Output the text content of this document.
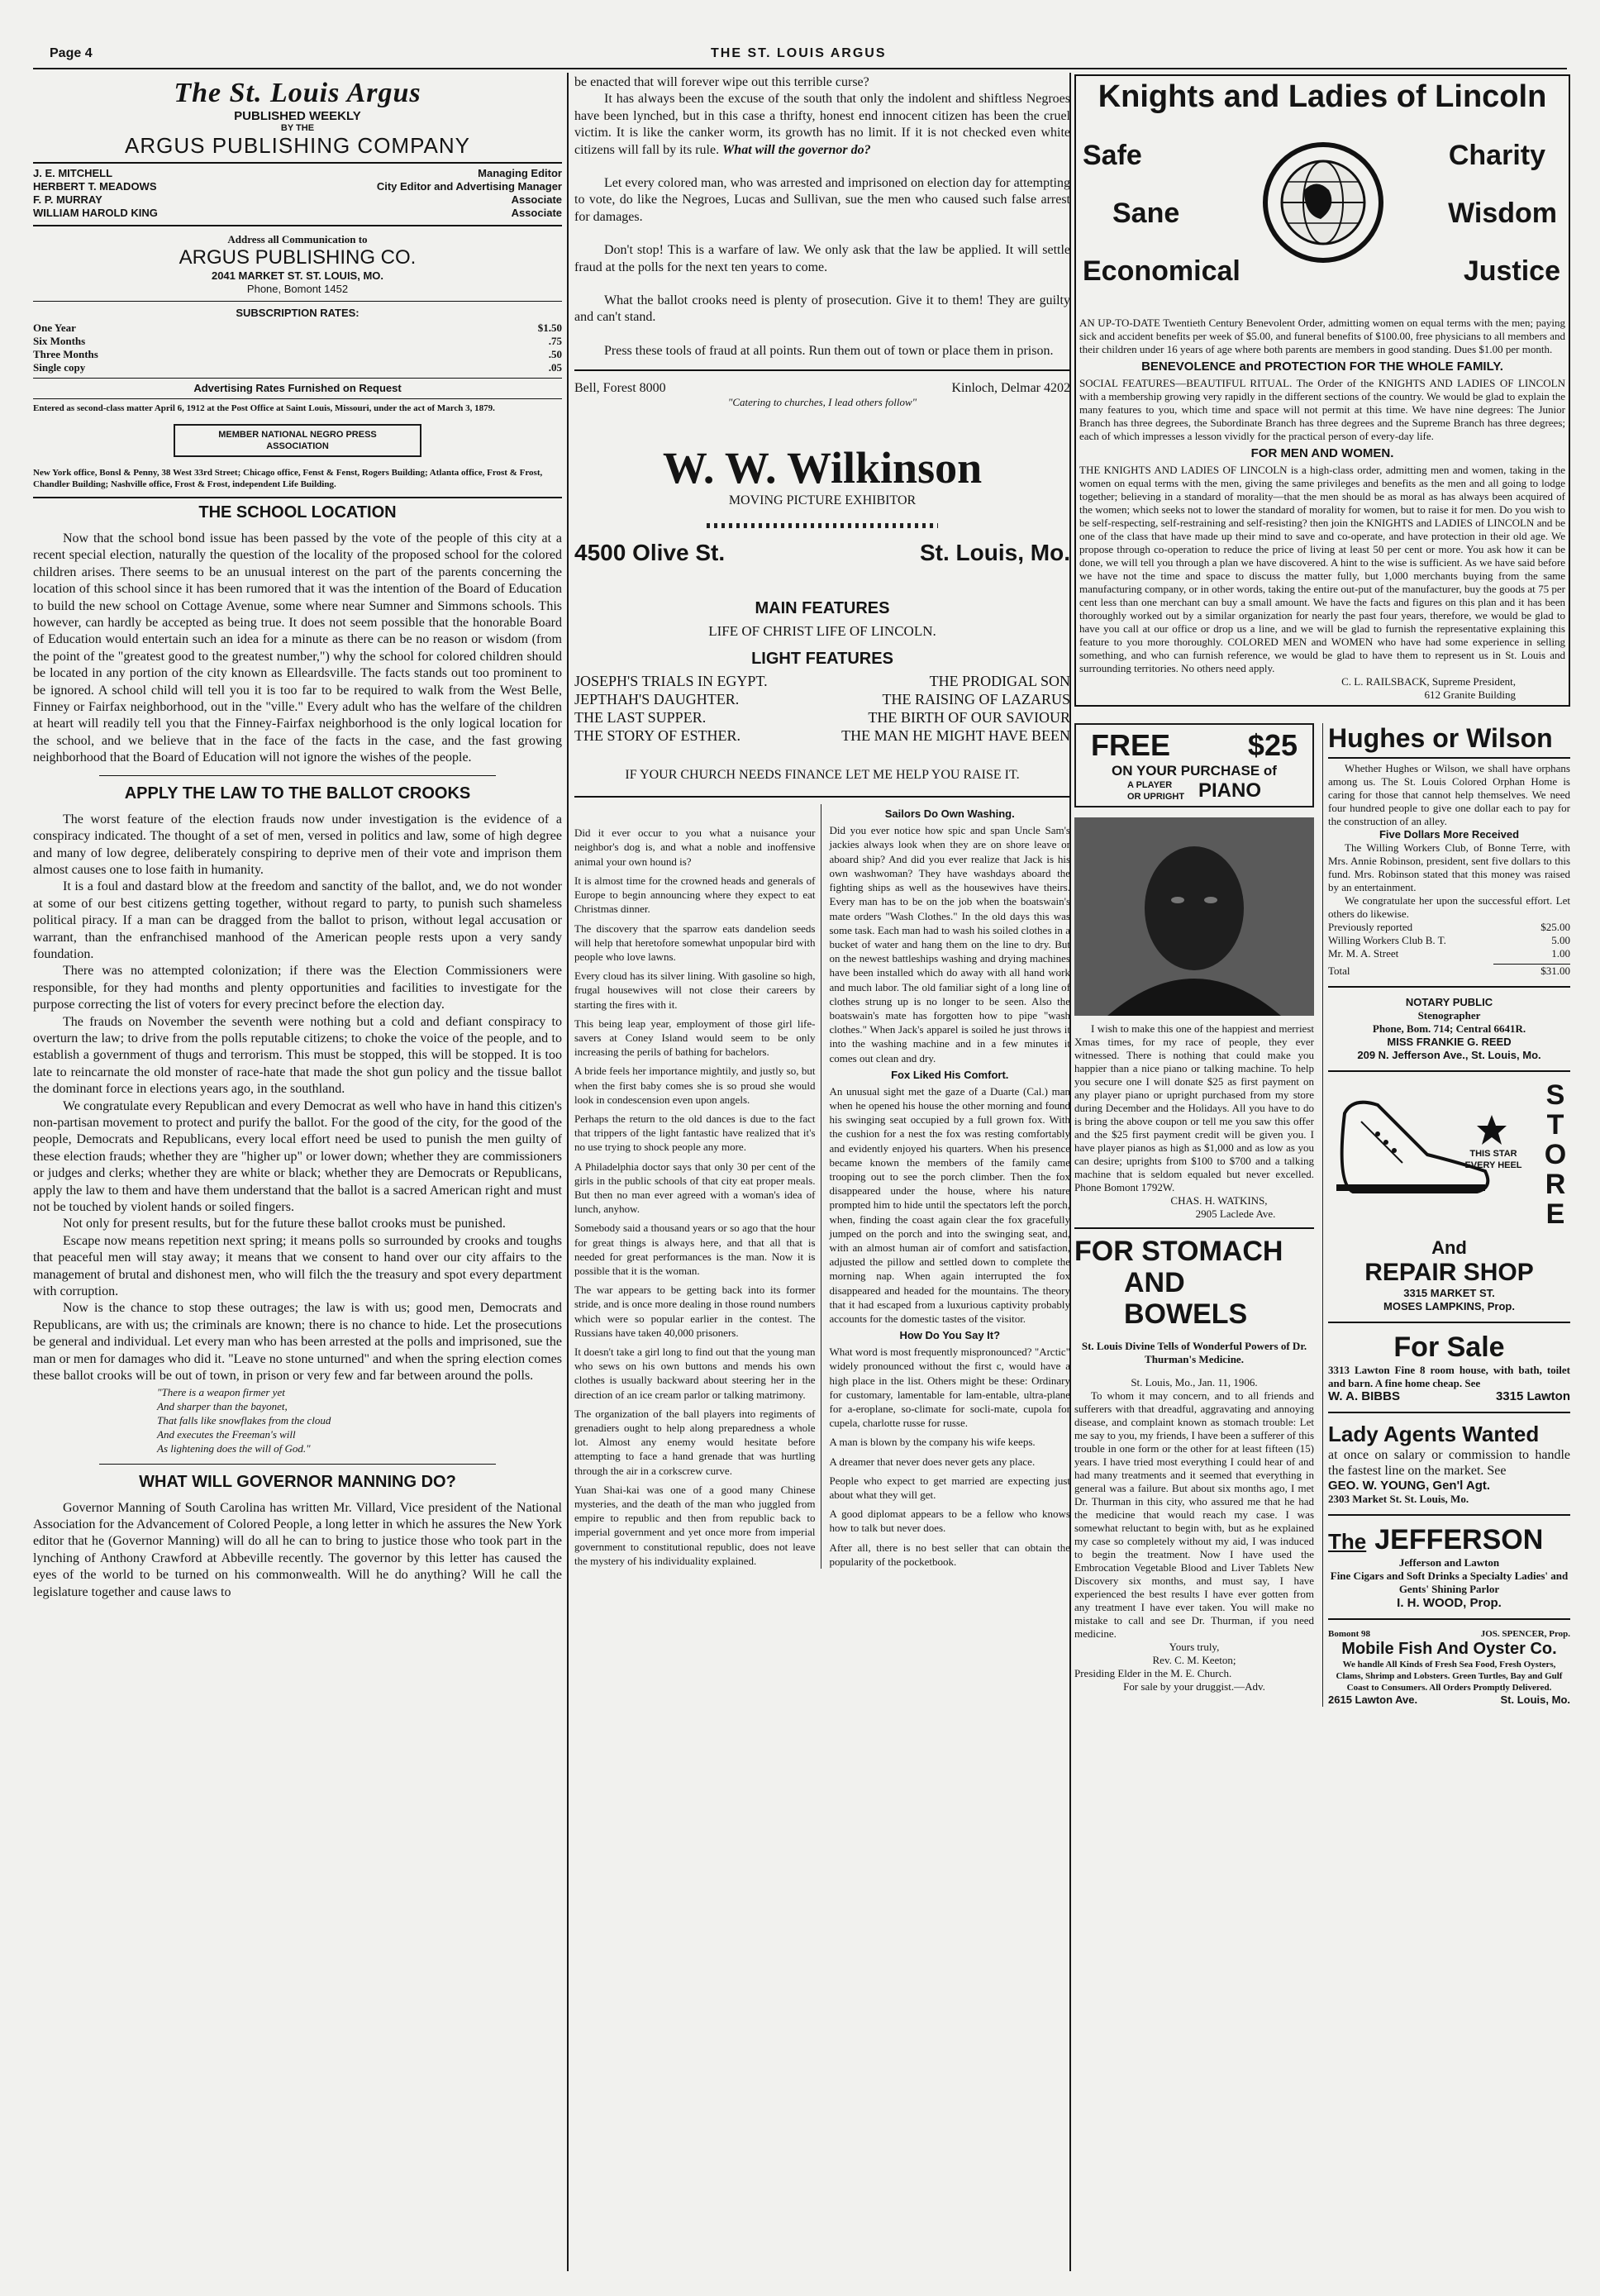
Page 4	THE ST. LOUIS ARGUS
The St. Louis Argus
PUBLISHED WEEKLY
BY THE
ARGUS PUBLISHING COMPANY
J. E. MITCHELL	Managing Editor
HERBERT T. MEADOWS	City Editor and Advertising Manager
F. P. MURRAY	Associate
WILLIAM HAROLD KING	Associate
Address all Communication to
ARGUS PUBLISHING CO.
2041 MARKET ST. ST. LOUIS, MO.
Phone, Bomont 1452
SUBSCRIPTION RATES:
One Year	$1.50
Six Months	.75
Three Months	.50
Single copy	.05
Advertising Rates Furnished on Request
Entered as second-class matter April 6, 1912 at the Post Office at Saint Louis, Missouri, under the act of March 3, 1879.
MEMBER NATIONAL NEGRO PRESS ASSOCIATION
New York office, Bonsl & Penny, 38 West 33rd Street; Chicago office, Fenst & Fenst, Rogers Building; Atlanta office, Frost & Frost, Chandler Building; Nashville office, Frost & Frost, independent Life Building.
THE SCHOOL LOCATION

Now that the school bond issue has been passed by the vote of the people of this city at a recent special election, naturally the question of the locality of the proposed school for the colored children arises. There seems to be an unusual interest on the part of the parents concerning the location of this school since it has been rumored that it was the intention of the Board of Education to build the new school on Cottage Avenue, some where near Sumner and Simmons schools. This however, can hardly be accepted as being true. It does not seem possible that the honorable Board of Education would entertain such an idea for a minute as there can be no reason or wisdom (from the point of the "greatest good to the greatest number,") why the school for colored children should be located in any portion of the city known as Elleardsville. The facts stands out too prominent to be ignored. A school child will tell you it is too far to be required to walk from the West Belle, Finney or Fairfax neighborhood, out in the "ville." Every adult who has the welfare of the children at heart will readily tell you that the Finney-Fairfax neighborhood is the only logical location for the school, and we believe that in the face of the facts in the case, and the fast growing neighborhood that the Board of Education will not ignore the wishes of the people.

APPLY THE LAW TO THE BALLOT CROOKS

The worst feature of the election frauds now under investigation is the evidence of a conspiracy indicated. The thought of a set of men, versed in politics and law, some of high degree and many of low degree, deliberately conspiring to deprive men of their vote and imprison them almost causes one to lose faith in humanity.

It is a foul and dastard blow at the freedom and sanctity of the ballot, and, we do not wonder at some of our best citizens getting together, without regard to party, to punish such shameless political piracy. If a man can be dragged from the ballot to prison, without legal accusation or warrant, than the enfranchised manhood of the American people rests upon a very sandy foundation.

There was no attempted colonization; if there was the Election Commissioners were responsible, for they had months and plenty opportunities and facilities to investigate for the purpose correcting the list of voters for every precinct before the election day.

The frauds on November the seventh were nothing but a cold and defiant conspiracy to overturn the law; to drive from the polls reputable citizens; to choke the voice of the people, and to establish a government of thugs and terrorism. This must be stopped, this will be stopped. It is too late to reincarnate the old monster of race-hate that made the shot gun policy and the tissue ballot the dominant force in elections years ago, in the southland.

We congratulate every Republican and every Democrat as well who have in hand this citizen's non-partisan movement to protect and purify the ballot. For the good of the city, for the good of the people, Democrats and Republicans, every local effort need be used to punish the men guilty of these election frauds; whether they are "higher up" or lower down; whether they are commissioners or judges and clerks; whether they are white or black; whether they are Democrats or Republicans, apply the law to them and have them understand that the ballot is a sacred American right and must not be touched by violent hands or soiled fingers.

Not only for present results, but for the future these ballot crooks must be punished.

Escape now means repetition next spring; it means polls so surrounded by crooks and toughs that peaceful men will stay away; it means that we consent to hand over our city affairs to the management of brutal and dishonest men, who will filch the the treasury and spot every department with corruption.

Now is the chance to stop these outrages; the law is with us; good men, Democrats and Republicans, are with us; the criminals are known; there is no chance to hide. Let the prosecutions be general and individual. Let every man who has been arrested at the polls and imprisoned, sue the man or men for damages who did it. "Leave no stone unturned" and when the spring election comes these ballot crooks will be out of town, in prison or very few and far between around the polls.

"There is a weapon firmer yet
And sharper than the bayonet,
That falls like snowflakes from the cloud
And executes the Freeman's will
As lightening does the will of God."
WHAT WILL GOVERNOR MANNING DO?

Governor Manning of South Carolina has written Mr. Villard, Vice president of the National Association for the Advancement of Colored People, a long letter in which he assures the New York editor that he (Governor Manning) will do all he can to bring to justice those who took part in the lynching of Anthony Crawford at Abbeville recently. The governor by this letter has caused the eyes of the world to be turned on his commonwealth. Will he do anything? Will he call the legislature together and cause laws to

be enacted that will forever wipe out this terrible curse?

It has always been the excuse of the south that only the indolent and shiftless Negroes have been lynched, but in this case a thrifty, honest end innocent citizen has been the cruel victim. It is like the canker worm, its growth has no limit. If it is not checked even white citizens will fall by its rule. What will the governor do?

Let every colored man, who was arrested and imprisoned on election day for attempting to vote, do like the Negroes, Lucas and Sullivan, sue the men who caused such false arrest for damages.

Don't stop! This is a warfare of law. We only ask that the law be applied. It will settle fraud at the polls for the next ten years to come.

What the ballot crooks need is plenty of prosecution. Give it to them! They are guilty and can't stand.

Press these tools of fraud at all points. Run them out of town or place them in prison.

Bell, Forest 8000	Kinloch, Delmar 4202
"Catering to churches, I lead others follow"
W. W. Wilkinson
MOVING PICTURE EXHIBITOR
4500 Olive St.	St. Louis, Mo.
MAIN FEATURES
LIFE OF CHRIST LIFE OF LINCOLN.
LIGHT FEATURES
JOSEPH'S TRIALS IN EGYPT.	THE PRODIGAL SON
JEPTHAH'S DAUGHTER.	THE RAISING OF LAZARUS
THE LAST SUPPER.	THE BIRTH OF OUR SAVIOUR
THE STORY OF ESTHER.	THE MAN HE MIGHT HAVE BEEN
IF YOUR CHURCH NEEDS FINANCE LET ME HELP YOU RAISE IT.

Did it ever occur to you what a nuisance your neighbor's dog is, and what a noble and inoffensive animal your own hound is?

It is almost time for the crowned heads and generals of Europe to begin announcing where they expect to eat Christmas dinner.

The discovery that the sparrow eats dandelion seeds will help that heretofore somewhat unpopular bird with people who love lawns.

Every cloud has its silver lining. With gasoline so high, frugal housewives will not close their careers by starting the fires with it.

This being leap year, employment of those girl life-savers at Coney Island would seem to be only increasing the perils of bathing for bachelors.

A bride feels her importance mightily, and justly so, but when the first baby comes she is so proud she would look in condescension even upon angels.

Perhaps the return to the old dances is due to the fact that trippers of the light fantastic have realized that it's no use trying to shock people any more.

A Philadelphia doctor says that only 30 per cent of the girls in the public schools of that city eat proper meals. But then no man ever agreed with a woman's idea of lunch, anyhow.

Somebody said a thousand years or so ago that the hour for great things is always here, and that all that is needed for great performances is the man. Now it is possible that it is the woman.

The war appears to be getting back into its former stride, and is once more dealing in those round numbers which were so popular earlier in the contest. The Russians have taken 40,000 prisoners.

It doesn't take a girl long to find out that the young man who sews on his own buttons and mends his own clothes is usually backward about steering her in the direction of an ice cream parlor or talking matrimony.

The organization of the ball players into regiments of grenadiers ought to help along preparedness a whole lot. Almost any enemy would hesitate before attempting to face a hand grenade that was hurtling through the air in a corkscrew curve.

Yuan Shai-kai was one of a good many Chinese mysteries, and the death of the man who juggled from empire to republic and then from republic back to imperial government and yet once more from imperial government to constitutional republic, does not leave the mystery of his individuality explained.

Sailors Do Own Washing.

Did you ever notice how spic and span Uncle Sam's jackies always look when they are on shore leave or aboard ship? And did you ever realize that Jack is his own washwoman? They have washdays aboard the fighting ships as well as the housewives have theirs. Every man has to be on the job when the boatswain's mate orders "Wash Clothes." In the old days this was some task. Each man had to wash his soiled clothes in a bucket of water and hang them on the line to dry. But on the newest battleships washing and drying machines have been installed which do away with all hand work and much labor. The old familiar sight of a long line of clothes strung up is no longer to be seen. Also the boatswain's mate has forgotten how to pipe "wash clothes." When Jack's apparel is soiled he just throws it into the washing machine and in a few minutes it comes out clean and dry.

Fox Liked His Comfort.

An unusual sight met the gaze of a Duarte (Cal.) man when he opened his house the other morning and found his swinging seat occupied by a full grown fox. With the cushion for a nest the fox was resting comfortably and evidently enjoyed his quarters. When his presence became known the members of the family came trooping out to see the porch climber. Then the fox disappeared under the house, where his nature prompted him to hide until the spectators left the porch, when, finding the coast again clear the fox gracefully jumped on the porch and into the swinging seat, and, with an almost human air of comfort and satisfaction, adjusted the pillow and settled down to complete the morning nap. When again interrupted the fox disappeared and headed for the mountains. The theory that it had escaped from a luxurious captivity probably accounts for the domestic tastes of the visitor.

How Do You Say It?

What word is most frequently mispronounced? "Arctic" widely pronounced without the first c, would have a high place in the list. Others might be these: Ordinary for customary, lamentable for lam-entable, ultra-plane for a-eroplane, so-climate for socli-mate, cupola for cupela, charlotte russe for russe.

A man is blown by the company his wife keeps.

A dreamer that never does never gets any place.

People who expect to get married are expecting just about what they will get.

A good diplomat appears to be a fellow who knows how to talk but never does.

After all, there is no best seller that can obtain the popularity of the pocketbook.

Knights and Ladies of Lincoln
Safe
Sane
Economical
Charity
Wisdom
Justice

AN UP-TO-DATE Twentieth Century Benevolent Order, admitting women on equal terms with the men; paying sick and accident benefits per week of $5.00, and funeral benefits of $100.00, free physicians to all members and their children under 16 years of age where both parents are members in good standing. Dues $1.00 per month.

BENEVOLENCE and PROTECTION FOR THE WHOLE FAMILY.

SOCIAL FEATURES—BEAUTIFUL RITUAL. The Order of the KNIGHTS AND LADIES OF LINCOLN with a membership growing very rapidly in the different sections of the country. We would be glad to explain the many features to you, which time and space will not permit at this time. We have nine degrees: The Junior Branch has three degrees, the Subordinate Branch has three degrees and the Supreme Branch has three degrees; each of which impresses a lesson vividly for the practical person of every-day life.

FOR MEN AND WOMEN.

THE KNIGHTS AND LADIES OF LINCOLN is a high-class order, admitting men and women, taking in the women on equal terms with the men, giving the same privileges and benefits as the men and all going to lodge together; believing in a standard of morality—that the men should be as moral as has always been acquired of the women; which seeks not to lower the standard of morality for women, but to raise it for men. Do you wish to be self-respecting, self-restraining and self-resisting? then join the KNIGHTS and LADIES of LINCOLN and be one of the class that have made up their mind to save and co-operate, and have protection in their old age. We propose through co-operation to reduce the price of living at least 50 per cent or more. You ask how it can be done, we will tell you through a plan we have discovered. A hint to the wise is sufficient. As we have said before we have not the time and space to discuss the matter fully, but 1,000 merchants buying from the same manufacturing company, or in other words, taking the entire out-put of the manufacturer, buy the goods at 75 per cent less than one merchant can buy a small amount. We have the facts and figures on this plan and it has been thoroughly worked out by a similar organization for nearly the past four years, therefore, we would be glad to have you call at our office or drop us a line, and we will be glad to furnish the representative explaining this feature to you more thoroughly. COLORED MEN and WOMEN who have had some experience in selling something, and who can furnish reference, we would be glad to have them to represent us in St. Louis and surrounding territories. No others need apply.

C. L. RAILSBACK, Supreme President,
612 Granite Building
FREE	$25
ON YOUR PURCHASE of
A PLAYER OR UPRIGHT PIANO

I wish to make this one of the happiest and merriest Xmas times, for my race of people, they ever witnessed. There is nothing that could make you happier than a nice piano or talking machine. To help you secure one I will donate $25 as first payment on any player piano or upright purchased from my store during December and the Holidays. All you have to do is bring the above coupon or tell me you saw this offer and the $25 first payment credit will be given you. I have player pianos as high as $1,000 and as low as you can desire; uprights from $100 to $700 and a talking machine that is seldom equaled but never excelled. Phone Bomont 1792W.

CHAS. H. WATKINS,
2905 Laclede Ave.
FOR STOMACH
AND BOWELS
St. Louis Divine Tells of Wonderful Powers of Dr. Thurman's Medicine.
St. Louis, Mo., Jan. 11, 1906.

To whom it may concern, and to all friends and sufferers with that dreadful, aggravating and annoying disease, and complaint known as stomach trouble: Let me say to you, my friends, I have been a sufferer of this trouble in one form or the other for at least fifteen (15) years. I have tried most everything I could hear of and had many treatments and it seemed that everything in general was a failure. But about six months ago, I met Dr. Thurman in this city, who assured me that he had the medicine that would reach my case. I was somewhat reluctant to begin with, but as he explained my case so completely without my aid, I was induced to begin the treatment. Now I have used the Embrocation Vegetable Blood and Liver Tablets New Discovery six months, and must say, I have experienced the best results I have ever gotten from any treatment I have ever taken. You will make no mistake to call and see Dr. Thurman, if you need medicine.

Yours truly,
Rev. C. M. Keeton;
Presiding Elder in the M. E. Church.
For sale by your druggist.—Adv.
Hughes or Wilson

Whether Hughes or Wilson, we shall have orphans among us. The St. Louis Colored Orphan Home is caring for those that cannot help themselves. We need four hundred people to give one dollar each to pay for the construction of an alley.

Five Dollars More Received

The Willing Workers Club, of Bonne Terre, with Mrs. Annie Robinson, president, sent five dollars to this fund. Mrs. Robinson stated that this money was raised by an entertainment.

We congratulate her upon the successful effort. Let others do likewise.

Previously reported	$25.00
Willing Workers Club B. T.	5.00
Mr. M. A. Street	1.00
Total	$31.00
NOTARY PUBLIC
Stenographer
Phone, Bom. 714; Central 6641R.
MISS FRANKIE G. REED
209 N. Jefferson Ave., St. Louis, Mo.
THIS STAR EVERY HEEL
STORE
And
REPAIR SHOP
3315 MARKET ST.
MOSES LAMPKINS, Prop.
For Sale

3313 Lawton Fine 8 room house, with bath, toilet and barn. A fine home cheap. See

W. A. BIBBS	3315 Lawton
Lady Agents Wanted

at once on salary or commission to handle the fastest line on the market. See

GEO. W. YOUNG, Gen'l Agt.
2303 Market St. St. Louis, Mo.
The JEFFERSON
Jefferson and Lawton
Fine Cigars and Soft Drinks a Specialty Ladies' and Gents' Shining Parlor
I. H. WOOD, Prop.
Bomont 98	JOS. SPENCER, Prop.
Mobile Fish And Oyster Co.
We handle All Kinds of Fresh Sea Food, Fresh Oysters, Clams, Shrimp and Lobsters. Green Turtles, Bay and Gulf Coast to Consumers. All Orders Promptly Delivered.
2615 Lawton Ave.	St. Louis, Mo.
